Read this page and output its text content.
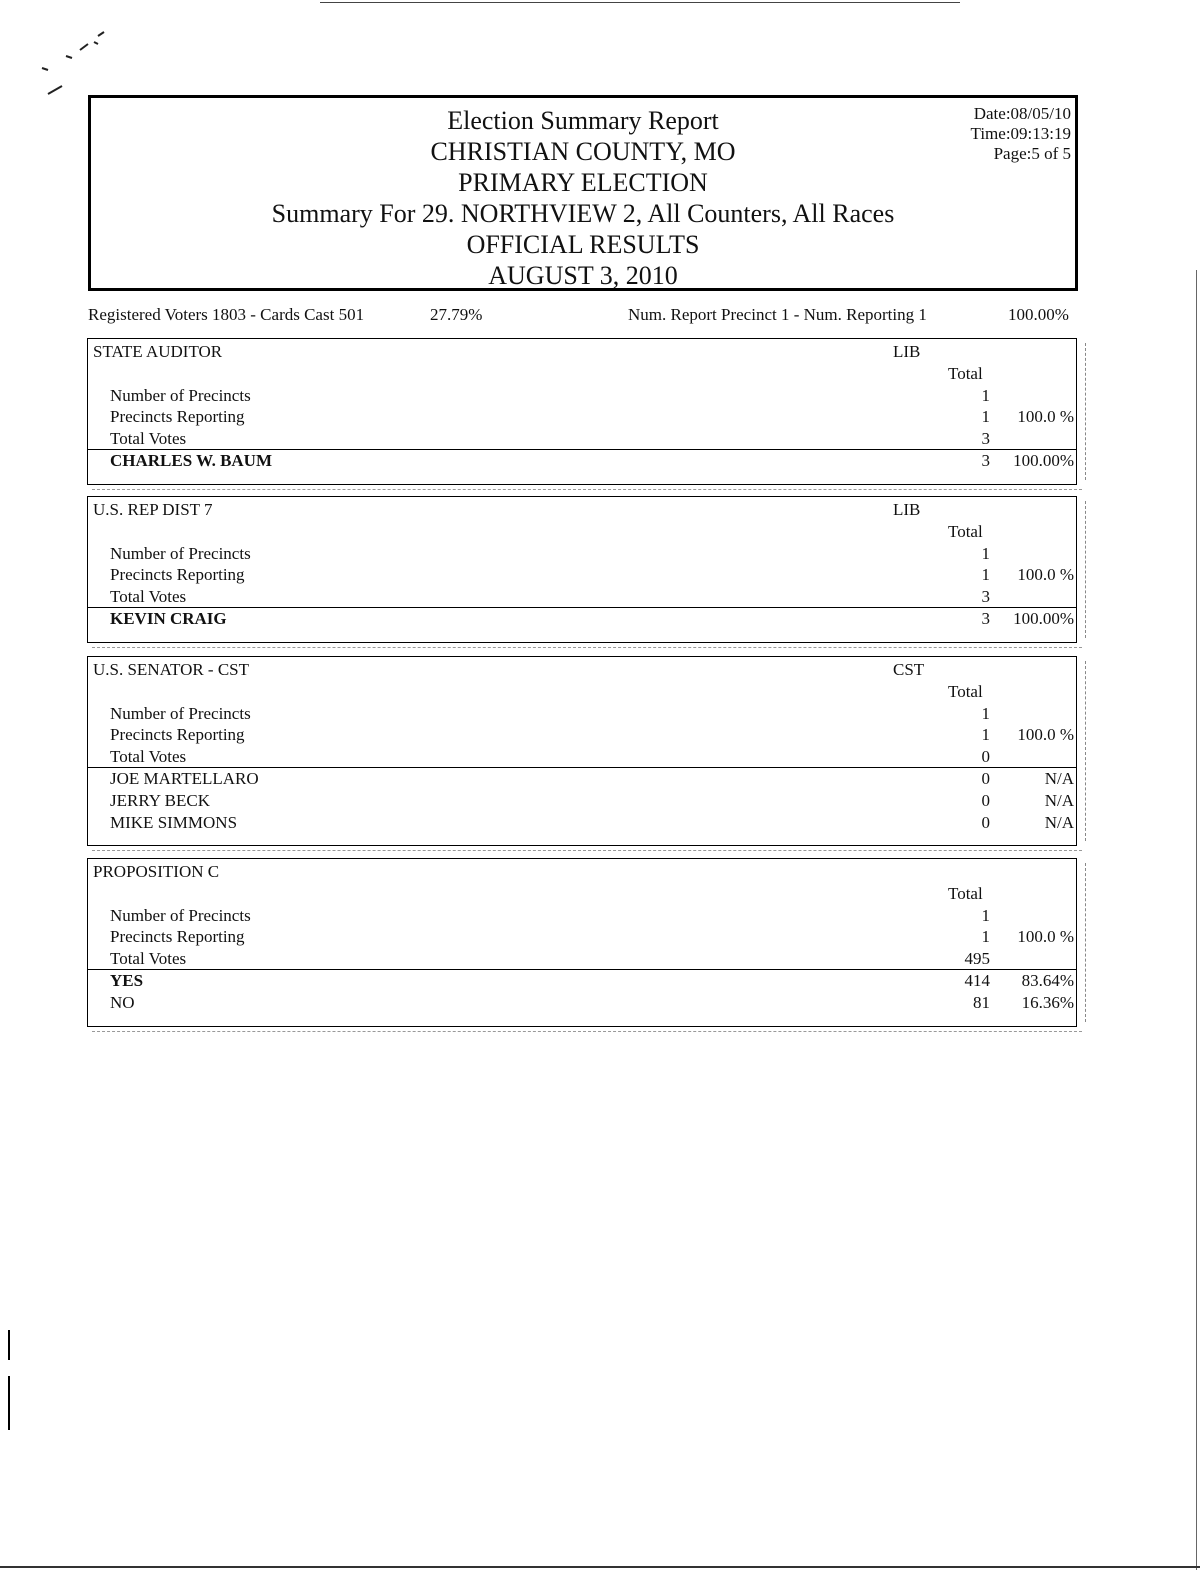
Election Summary Report
CHRISTIAN COUNTY, MO
PRIMARY ELECTION
Summary For 29. NORTHVIEW 2, All Counters, All Races
OFFICIAL RESULTS
AUGUST 3, 2010
Date:08/05/10
Time:09:13:19
Page:5 of 5
Registered Voters 1803 - Cards Cast 501	27.79%	Num. Report Precinct 1 - Num. Reporting 1	100.00%
STATE AUDITOR	LIB
Total
Number of Precincts	1
Precincts Reporting	1	100.0 %
Total Votes	3
CHARLES W. BAUM	3	100.00%
U.S. REP DIST 7	LIB
Total
Number of Precincts	1
Precincts Reporting	1	100.0 %
Total Votes	3
KEVIN CRAIG	3	100.00%
U.S. SENATOR - CST	CST
Total
Number of Precincts	1
Precincts Reporting	1	100.0 %
Total Votes	0
JOE MARTELLARO	0	N/A
JERRY BECK	0	N/A
MIKE SIMMONS	0	N/A
PROPOSITION C
Total
Number of Precincts	1
Precincts Reporting	1	100.0 %
Total Votes	495
YES	414	83.64%
NO	81	16.36%
